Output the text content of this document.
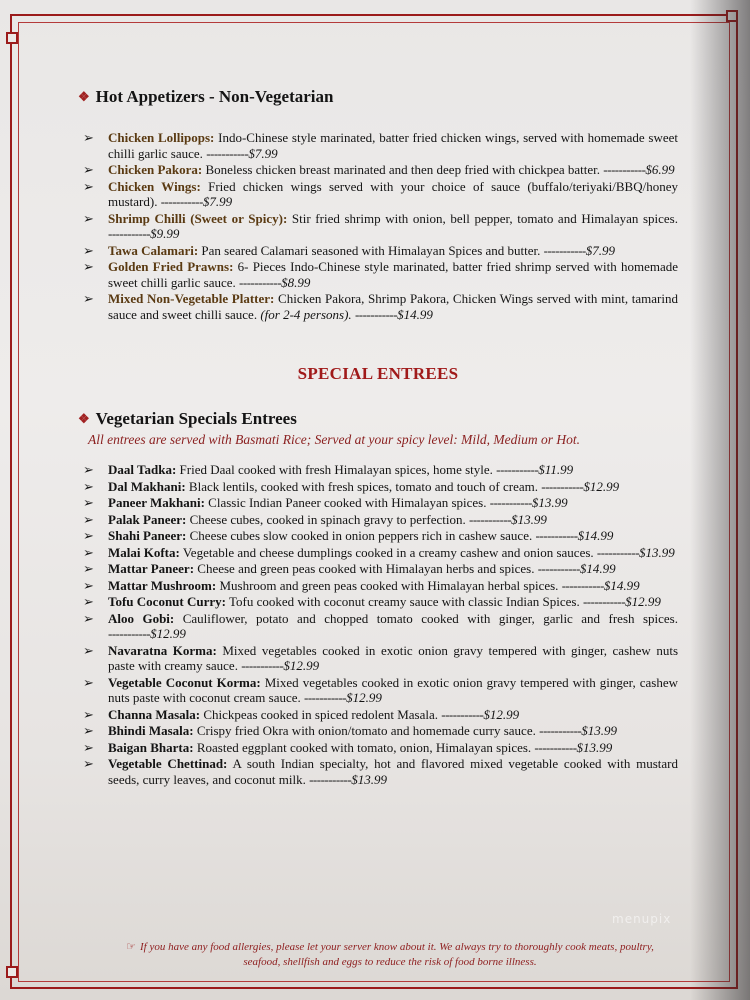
❖ Hot Appetizers - Non-Vegetarian
➢ Chicken Lollipops: Indo-Chinese style marinated, batter fried chicken wings, served with homemade sweet chilli garlic sauce. -----------$7.99
➢ Chicken Pakora: Boneless chicken breast marinated and then deep fried with chickpea batter. -----------$6.99
➢ Chicken Wings: Fried chicken wings served with your choice of sauce (buffalo/teriyaki/BBQ/honey mustard). -----------$7.99
➢ Shrimp Chilli (Sweet or Spicy): Stir fried shrimp with onion, bell pepper, tomato and Himalayan spices. -----------$9.99
➢ Tawa Calamari: Pan seared Calamari seasoned with Himalayan Spices and butter. -----------$7.99
➢ Golden Fried Prawns: 6- Pieces Indo-Chinese style marinated, batter fried shrimp served with homemade sweet chilli garlic sauce. -----------$8.99
➢ Mixed Non-Vegetable Platter: Chicken Pakora, Shrimp Pakora, Chicken Wings served with mint, tamarind sauce and sweet chilli sauce. (for 2-4 persons). -----------$14.99
SPECIAL ENTREES
❖ Vegetarian Specials Entrees
All entrees are served with Basmati Rice; Served at your spicy level: Mild, Medium or Hot.
➢ Daal Tadka: Fried Daal cooked with fresh Himalayan spices, home style. -----------$11.99
➢ Dal Makhani: Black lentils, cooked with fresh spices, tomato and touch of cream. -----------$12.99
➢ Paneer Makhani: Classic Indian Paneer cooked with Himalayan spices. -----------$13.99
➢ Palak Paneer: Cheese cubes, cooked in spinach gravy to perfection. -----------$13.99
➢ Shahi Paneer: Cheese cubes slow cooked in onion peppers rich in cashew sauce. -----------$14.99
➢ Malai Kofta: Vegetable and cheese dumplings cooked in a creamy cashew and onion sauces. -----------$13.99
➢ Mattar Paneer: Cheese and green peas cooked with Himalayan herbs and spices. -----------$14.99
➢ Mattar Mushroom: Mushroom and green peas cooked with Himalayan herbal spices. -----------$14.99
➢ Tofu Coconut Curry: Tofu cooked with coconut creamy sauce with classic Indian Spices. -----------$12.99
➢ Aloo Gobi: Cauliflower, potato and chopped tomato cooked with ginger, garlic and fresh spices. -----------$12.99
➢ Navaratna Korma: Mixed vegetables cooked in exotic onion gravy tempered with ginger, cashew nuts paste with creamy sauce. -----------$12.99
➢ Vegetable Coconut Korma: Mixed vegetables cooked in exotic onion gravy tempered with ginger, cashew nuts paste with coconut cream sauce. -----------$12.99
➢ Channa Masala: Chickpeas cooked in spiced redolent Masala. -----------$12.99
➢ Bhindi Masala: Crispy fried Okra with onion/tomato and homemade curry sauce. -----------$13.99
➢ Baigan Bharta: Roasted eggplant cooked with tomato, onion, Himalayan spices. -----------$13.99
➢ Vegetable Chettinad: A south Indian specialty, hot and flavored mixed vegetable cooked with mustard seeds, curry leaves, and coconut milk. -----------$13.99
☞ If you have any food allergies, please let your server know about it. We always try to thoroughly cook meats, poultry, seafood, shellfish and eggs to reduce the risk of food borne illness.
menupix
